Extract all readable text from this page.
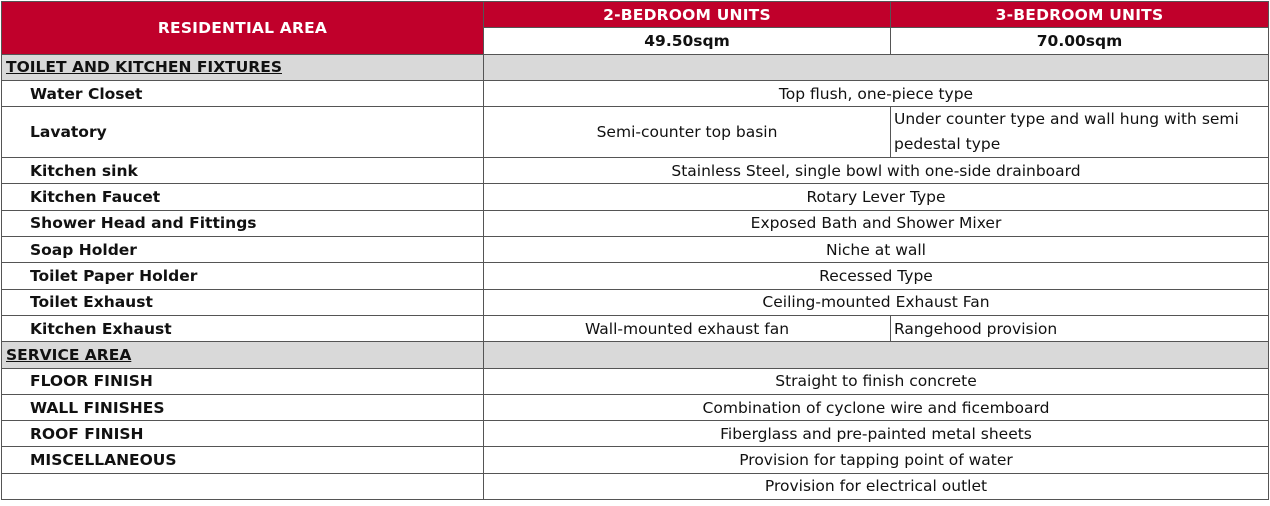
RESIDENTIAL AREA	2-BEDROOM UNITS	3-BEDROOM UNITS
	49.50sqm	70.00sqm
TOILET AND KITCHEN FIXTURES		
Water Closet	Top flush, one-piece type	
Lavatory	Semi-counter top basin	Under counter type and wall hung with semi pedestal type
Kitchen sink	Stainless Steel, single bowl with one-side drainboard	
Kitchen Faucet	Rotary Lever Type	
Shower Head and Fittings	Exposed Bath and Shower Mixer	
Soap Holder	Niche at wall	
Toilet Paper Holder	Recessed Type	
Toilet Exhaust	Ceiling-mounted Exhaust Fan	
Kitchen Exhaust	Wall-mounted exhaust fan	Rangehood provision
SERVICE AREA		
FLOOR FINISH	Straight to finish concrete	
WALL FINISHES	Combination of cyclone wire and ficemboard	
ROOF FINISH	Fiberglass and pre-painted metal sheets	
MISCELLANEOUS	Provision for tapping point of water	
	Provision for electrical outlet	
